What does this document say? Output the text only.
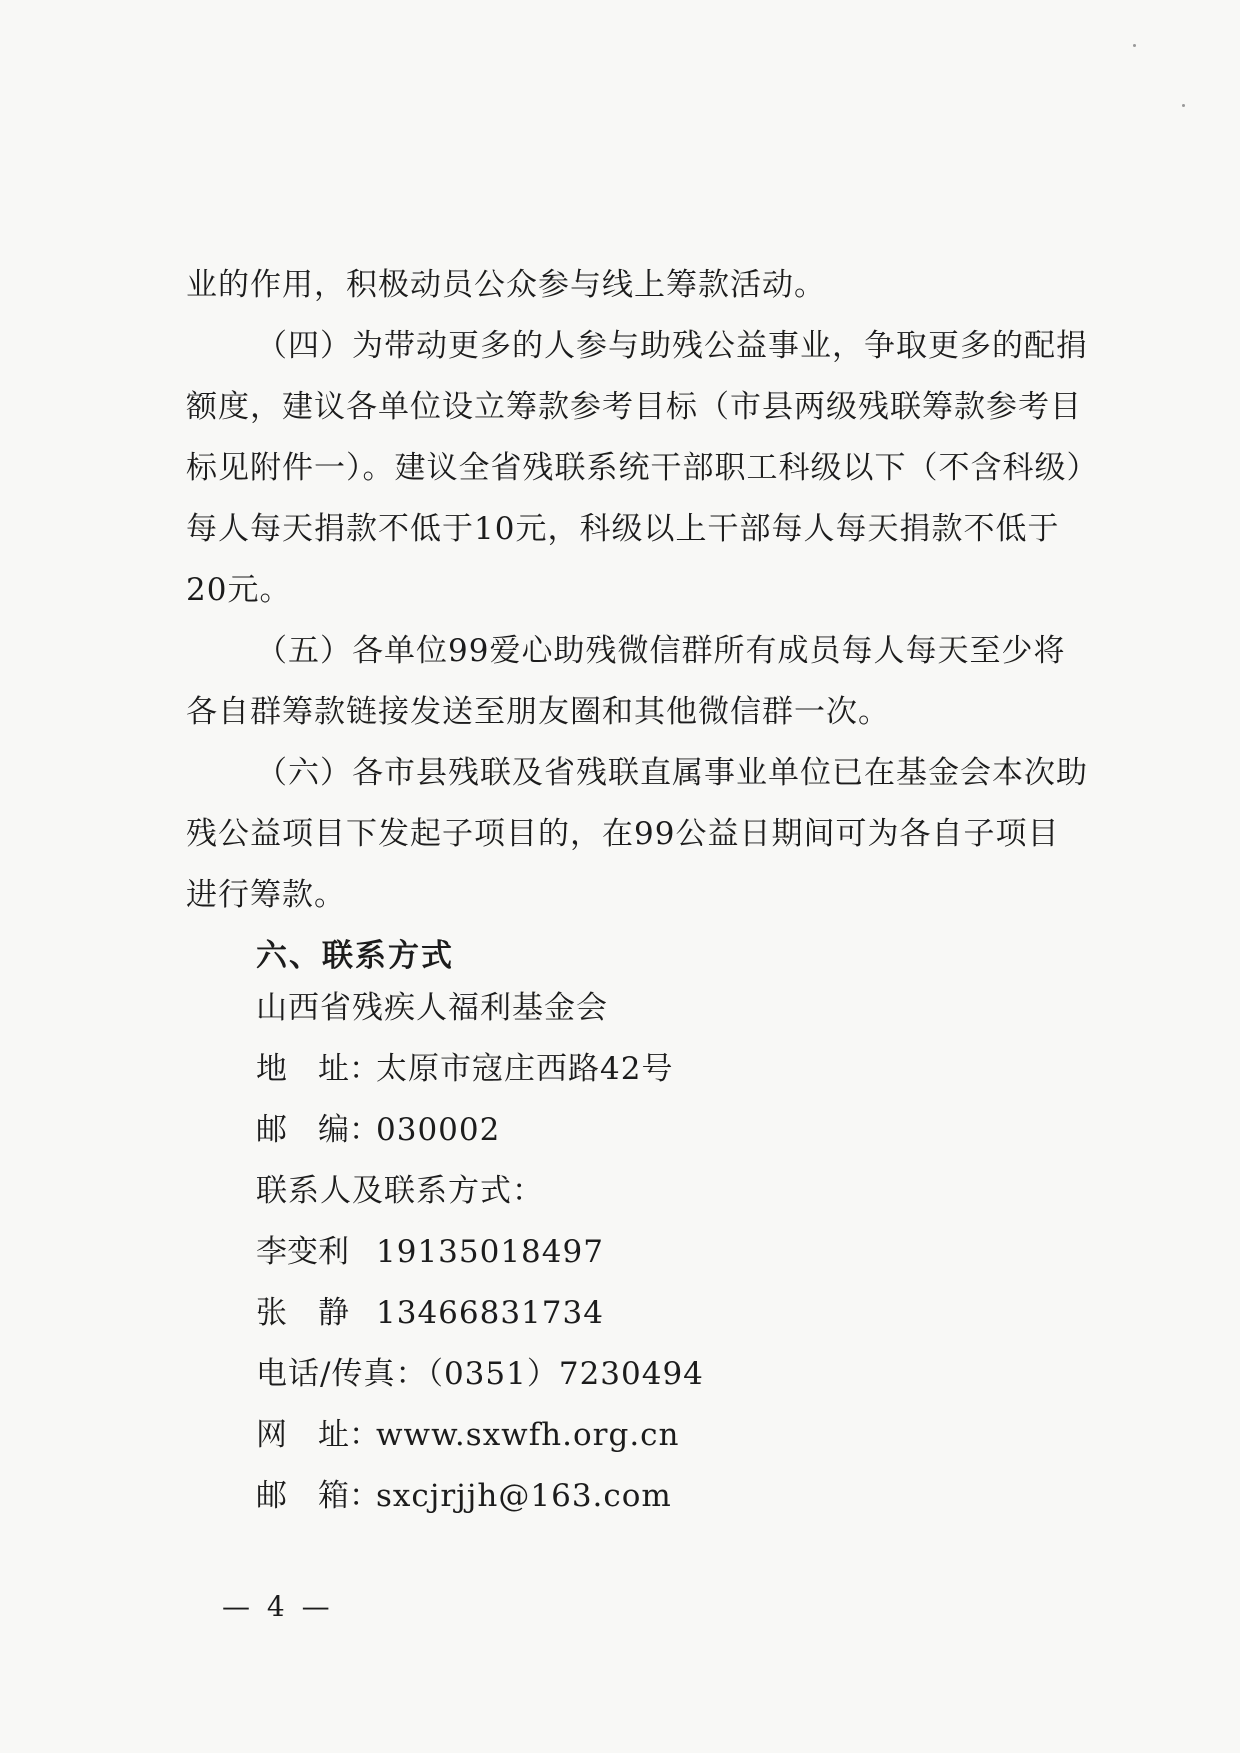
业的作用，积极动员公众参与线上筹款活动。
（四）为带动更多的人参与助残公益事业，争取更多的配捐
额度，建议各单位设立筹款参考目标（市县两级残联筹款参考目
标见附件一）。建议全省残联系统干部职工科级以下（不含科级）
每人每天捐款不低于10元，科级以上干部每人每天捐款不低于
20元。
（五）各单位99爱心助残微信群所有成员每人每天至少将
各自群筹款链接发送至朋友圈和其他微信群一次。
（六）各市县残联及省残联直属事业单位已在基金会本次助
残公益项目下发起子项目的，在99公益日期间可为各自子项目
进行筹款。
六、联系方式
山西省残疾人福利基金会
地　址：太原市寇庄西路42号
邮　编：030002
联系人及联系方式：
李变利 19135018497
张　静 13466831734
电话/传真：（0351）7230494
网　址：www.sxwfh.org.cn
邮　箱：sxcjrjjh@163.com
— 4 —
